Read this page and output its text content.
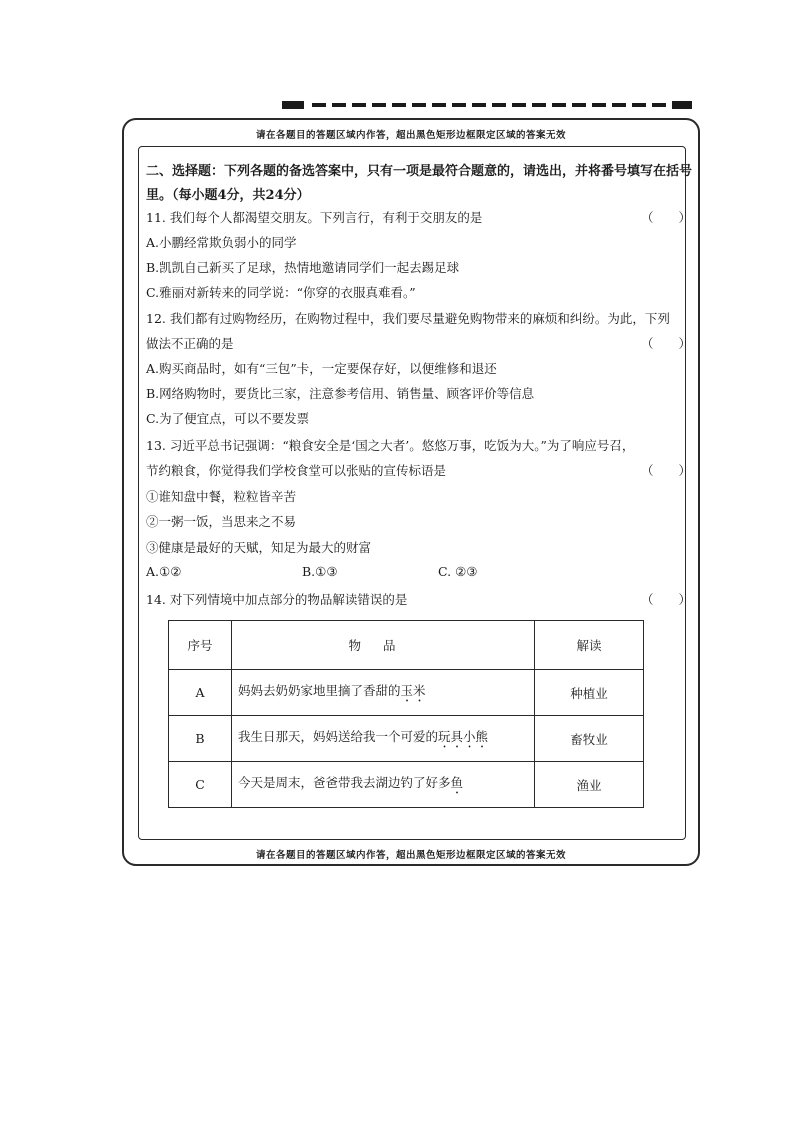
请在各题目的答题区域内作答，超出黑色矩形边框限定区域的答案无效
二、选择题：下列各题的备选答案中，只有一项是最符合题意的，请选出，并将番号填写在括号
里。（每小题4分，共24分）
11. 我们每个人都渴望交朋友。下列言行，有利于交朋友的是	（　　）
A.小鹏经常欺负弱小的同学
B.凯凯自己新买了足球，热情地邀请同学们一起去踢足球
C.雅丽对新转来的同学说：“你穿的衣服真难看。”
12. 我们都有过购物经历，在购物过程中，我们要尽量避免购物带来的麻烦和纠纷。为此，下列
做法不正确的是	（　　）
A.购买商品时，如有“三包”卡，一定要保存好，以便维修和退还
B.网络购物时，要货比三家，注意参考信用、销售量、顾客评价等信息
C.为了便宜点，可以不要发票
13. 习近平总书记强调：“粮食安全是‘国之大者’。悠悠万事，吃饭为大。”为了响应号召，
节约粮食，你觉得我们学校食堂可以张贴的宣传标语是	（　　）
①谁知盘中餐，粒粒皆辛苦
②一粥一饭，当思来之不易
③健康是最好的天赋，知足为最大的财富
A.①②	B.①③	C. ②③
14. 对下列情境中加点部分的物品解读错误的是	（　　）
序号	物品	解读
A	妈妈去奶奶家地里摘了香甜的玉米	种植业
B	我生日那天，妈妈送给我一个可爱的玩具小熊	畜牧业
C	今天是周末，爸爸带我去湖边钓了好多鱼	渔业
请在各题目的答题区域内作答，超出黑色矩形边框限定区域的答案无效
